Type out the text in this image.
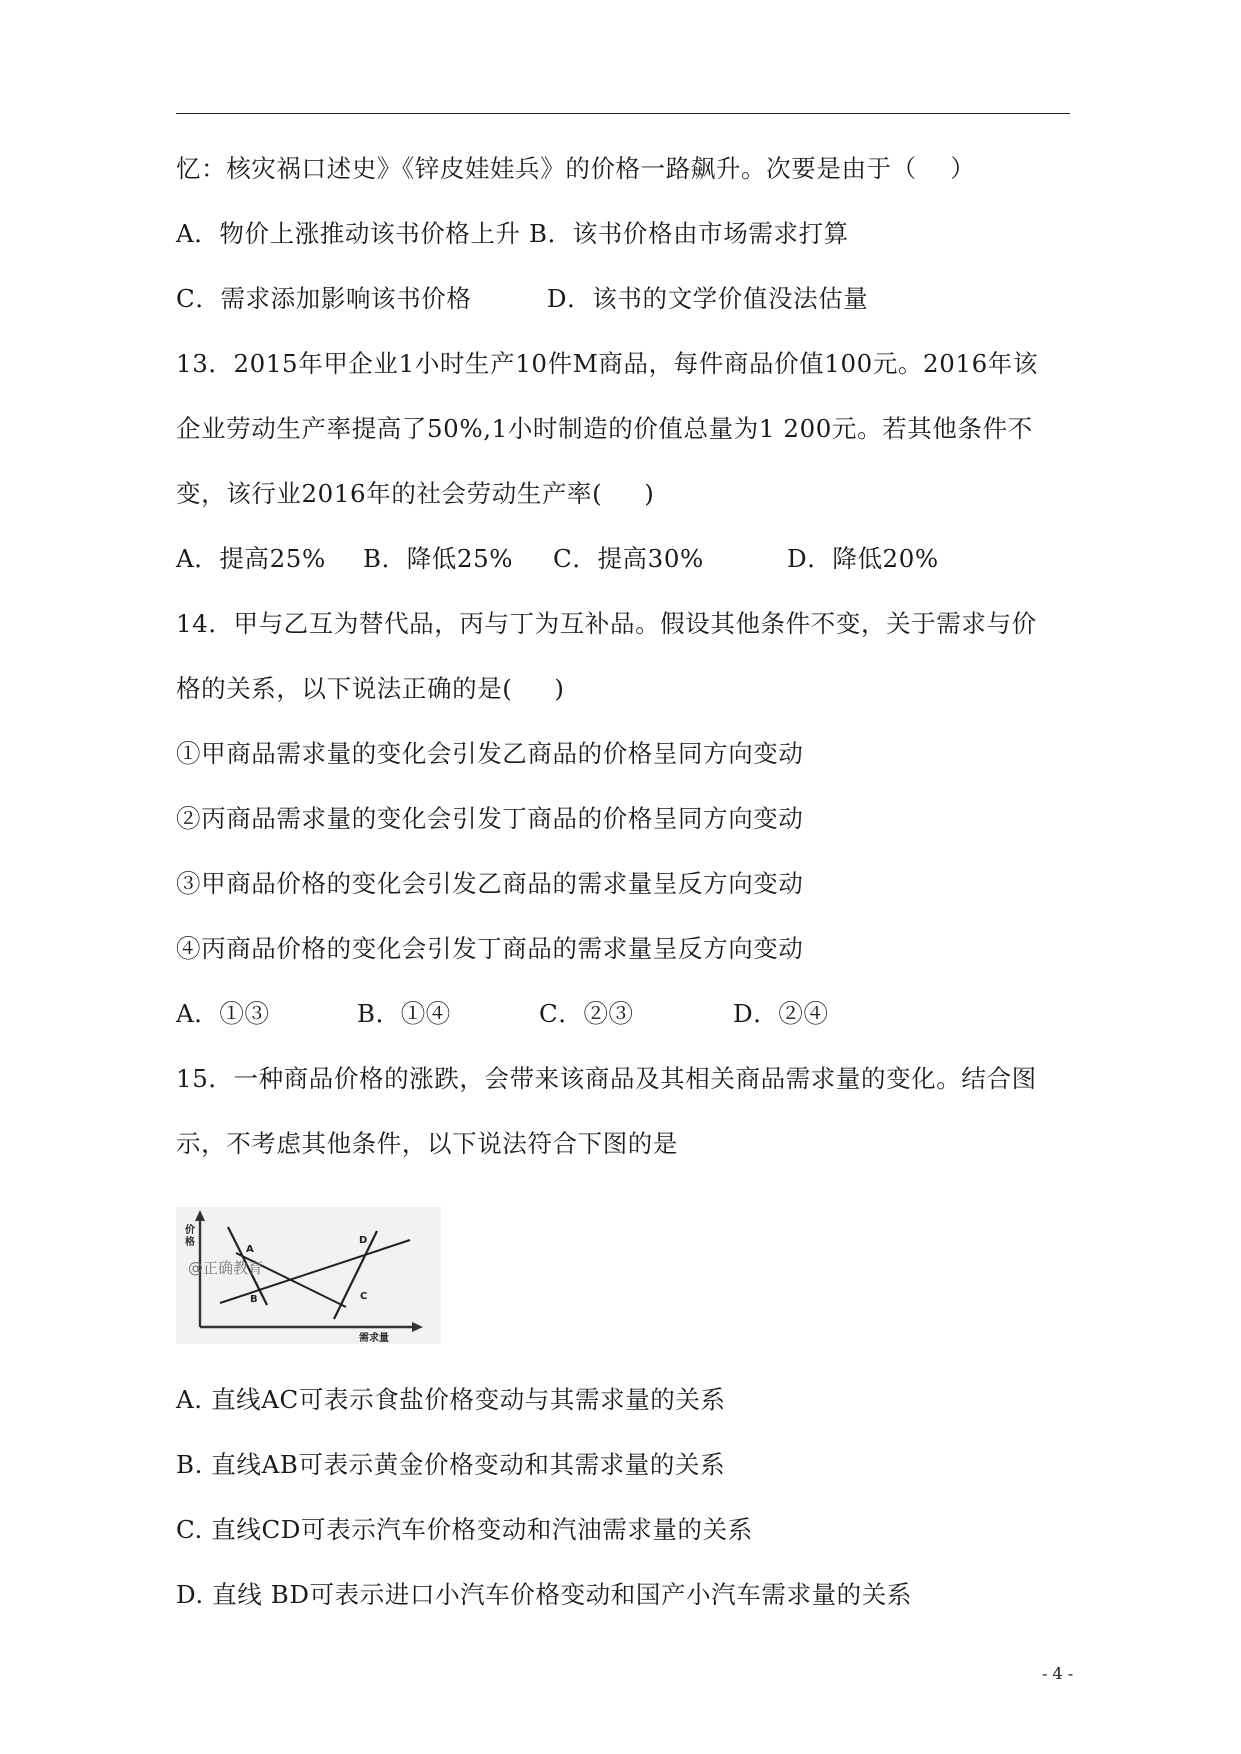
忆：核灾祸口述史》《锌皮娃娃兵》的价格一路飙升。次要是由于（    ）
A．物价上涨推动该书价格上升 B．该书价格由市场需求打算
C．需求添加影响该书价格         D．该书的文学价值没法估量
13．2015年甲企业1小时生产10件M商品，每件商品价值100元。2016年该
企业劳动生产率提高了50%,1小时制造的价值总量为1 200元。若其他条件不
变，该行业2016年的社会劳动生产率(     )
A．提高25% B．降低25% C．提高30%	D．降低20%
14．甲与乙互为替代品，丙与丁为互补品。假设其他条件不变，关于需求与价
格的关系，以下说法正确的是(     )
①甲商品需求量的变化会引发乙商品的价格呈同方向变动
②丙商品需求量的变化会引发丁商品的价格呈同方向变动
③甲商品价格的变化会引发乙商品的需求量呈反方向变动
④丙商品价格的变化会引发丁商品的需求量呈反方向变动
A．①③	B．①④	C．②③	D．②④
15．一种商品价格的涨跌，会带来该商品及其相关商品需求量的变化。结合图
示，不考虑其他条件，以下说法符合下图的是
价
格
需求量
@正确教育
A
B	C
D
A. 直线AC可表示食盐价格变动与其需求量的关系
B. 直线AB可表示黄金价格变动和其需求量的关系
C. 直线CD可表示汽车价格变动和汽油需求量的关系
D. 直线 BD可表示进口小汽车价格变动和国产小汽车需求量的关系
- 4 -
